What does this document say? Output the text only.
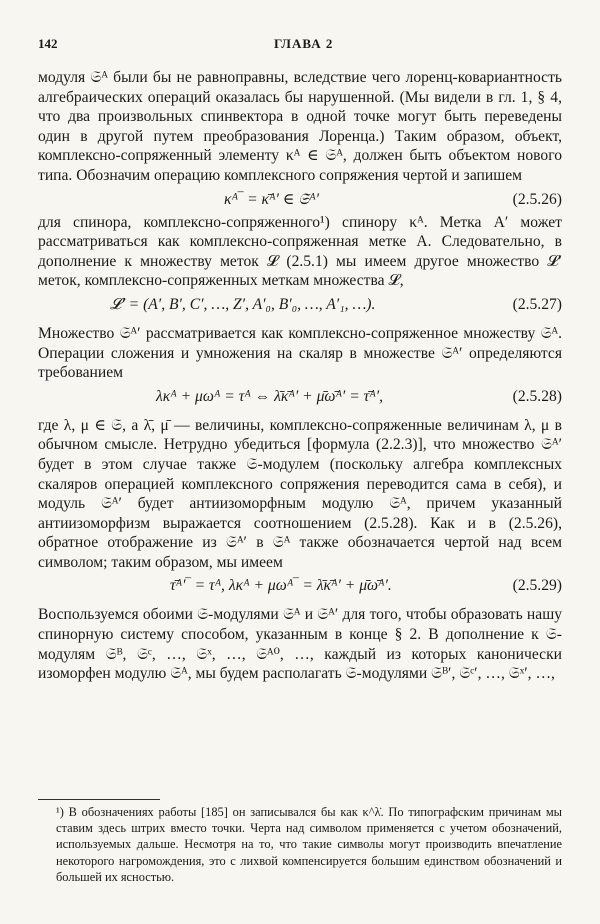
142	ГЛАВА 2

модуля 𝔖ᴬ были бы не равноправны, вследствие чего лоренц-ковариантность алгебраических операций оказалась бы нарушенной. (Мы видели в гл. 1, § 4, что два произвольных спинвектора в одной точке могут быть переведены один в другой путем преобразования Лоренца.) Таким образом, объект, комплексно-сопряженный элементу κᴬ ∈ 𝔖ᴬ, должен быть объектом нового типа. Обозначим операцию комплексного сопряжения чертой и запишем

κᴬ‾ = κ̄ᴬ′ ∈ 𝔖ᴬ′	(2.5.26)

для спинора, комплексно-сопряженного¹) спинору κᴬ. Метка A′ может рассматриваться как комплексно-сопряженная метке A. Следовательно, в дополнение к множеству меток 𝓛 (2.5.1) мы имеем другое множество 𝓛′ меток, комплексно-сопряженных меткам множества 𝓛,

𝓛′ = (A′, B′, C′, …, Z′, A′₀, B′₀, …, A′₁, …).	(2.5.27)

Множество 𝔖ᴬ′ рассматривается как комплексно-сопряженное множеству 𝔖ᴬ. Операции сложения и умножения на скаляр в множестве 𝔖ᴬ′ определяются требованием

λκᴬ + μωᴬ = τᴬ ⇔ λ̄κ̄ᴬ′ + μ̄ω̄ᴬ′ = τ̄ᴬ′,	(2.5.28)

где λ, μ ∈ 𝔖, а λ̄, μ̄ — величины, комплексно-сопряженные величинам λ, μ в обычном смысле. Нетрудно убедиться [формула (2.2.3)], что множество 𝔖ᴬ′ будет в этом случае также 𝔖-модулем (поскольку алгебра комплексных скаляров операцией комплексного сопряжения переводится сама в себя), и модуль 𝔖ᴬ′ будет антиизоморфным модулю 𝔖ᴬ, причем указанный антиизоморфизм выражается соотношением (2.5.28). Как и в (2.5.26), обратное отображение из 𝔖ᴬ′ в 𝔖ᴬ также обозначается чертой над всем символом; таким образом, мы имеем

τ̄ᴬ′‾ = τᴬ, λκᴬ + μωᴬ‾ = λ̄κ̄ᴬ′ + μ̄ω̄ᴬ′.	(2.5.29)

Воспользуемся обоими 𝔖-модулями 𝔖ᴬ и 𝔖ᴬ′ для того, чтобы образовать нашу спинорную систему способом, указанным в конце § 2. В дополнение к 𝔖-модулям 𝔖ᴮ, 𝔖ᶜ, …, 𝔖ˣ, …, 𝔖ᴬ⁰, …, каждый из которых канонически изоморфен модулю 𝔖ᴬ, мы будем располагать 𝔖-модулями 𝔖ᴮ′, 𝔖ᶜ′, …, 𝔖ˣ′, …,

¹) В обозначениях работы [185] он записывался бы как κ^λ̇. По типографским причинам мы ставим здесь штрих вместо точки. Черта над символом применяется с учетом обозначений, используемых дальше. Несмотря на то, что такие символы могут производить впечатление некоторого нагромождения, это с лихвой компенсируется большим единством обозначений и большей их ясностью.
